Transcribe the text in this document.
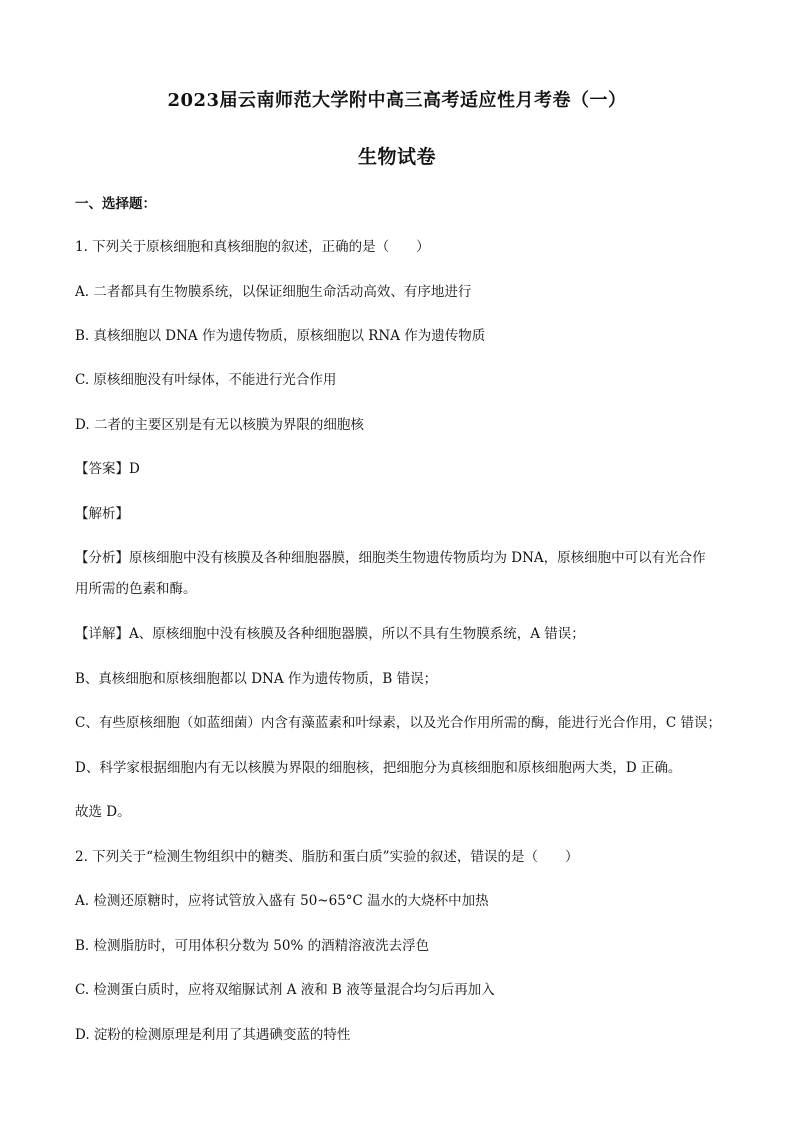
2023届云南师范大学附中高三高考适应性月考卷（一）
生物试卷
一、选择题：
1. 下列关于原核细胞和真核细胞的叙述，正确的是（　　）
A. 二者都具有生物膜系统，以保证细胞生命活动高效、有序地进行
B. 真核细胞以 DNA 作为遗传物质，原核细胞以 RNA 作为遗传物质
C. 原核细胞没有叶绿体，不能进行光合作用
D. 二者的主要区别是有无以核膜为界限的细胞核
【答案】D
【解析】
【分析】原核细胞中没有核膜及各种细胞器膜，细胞类生物遗传物质均为 DNA，原核细胞中可以有光合作
用所需的色素和酶。
【详解】A、原核细胞中没有核膜及各种细胞器膜，所以不具有生物膜系统，A 错误；
B、真核细胞和原核细胞都以 DNA 作为遗传物质，B 错误；
C、有些原核细胞（如蓝细菌）内含有藻蓝素和叶绿素，以及光合作用所需的酶，能进行光合作用，C 错误；
D、科学家根据细胞内有无以核膜为界限的细胞核，把细胞分为真核细胞和原核细胞两大类，D 正确。
故选 D。
2. 下列关于“检测生物组织中的糖类、脂肪和蛋白质”实验的叙述，错误的是（　　）
A. 检测还原糖时，应将试管放入盛有 50~65°C 温水的大烧杯中加热
B. 检测脂肪时，可用体积分数为 50% 的酒精溶液洗去浮色
C. 检测蛋白质时，应将双缩脲试剂 A 液和 B 液等量混合均匀后再加入
D. 淀粉的检测原理是利用了其遇碘变蓝的特性
